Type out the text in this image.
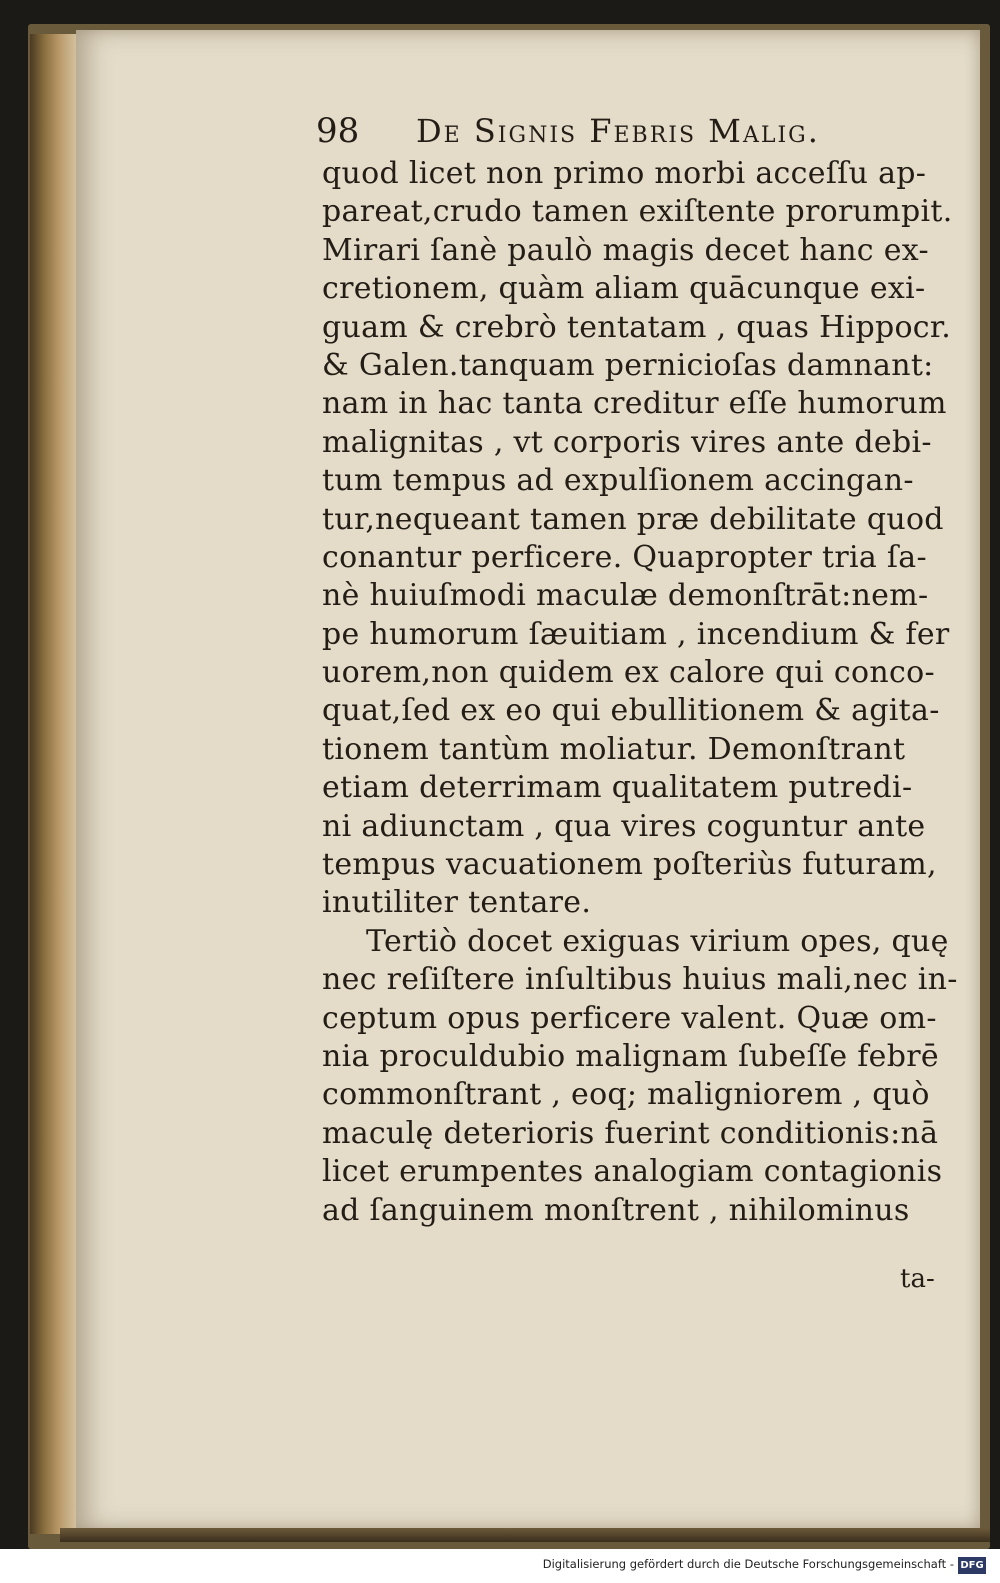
98 De Signis Febris Malig.
quod licet non primo morbi acceſſu ap-
pareat,crudo tamen exiſtente prorumpit.
Mirari ſanè paulò magis decet hanc ex-
cretionem, quàm aliam quācunque exi-
guam & crebrò tentatam , quas Hippocr.
& Galen.tanquam pernicioſas damnant:
nam in hac tanta creditur eſſe humorum
malignitas , vt corporis vires ante debi-
tum tempus ad expulſionem accingan-
tur,nequeant tamen præ debilitate quod
conantur perficere. Quapropter tria ſa-
nè huiuſmodi maculæ demonſtrāt:nem-
pe humorum ſæuitiam , incendium & fer
uorem,non quidem ex calore qui conco-
quat,ſed ex eo qui ebullitionem & agita-
tionem tantùm moliatur. Demonſtrant
etiam deterrimam qualitatem putredi-
ni adiunctam , qua vires coguntur ante
tempus vacuationem poſteriùs futuram,
inutiliter tentare.
Tertiò docet exiguas virium opes, quę
nec reſiſtere inſultibus huius mali,nec in-
ceptum opus perficere valent. Quæ om-
nia proculdubio malignam ſubeſſe febrē
commonſtrant , eoq; maligniorem , quò
maculę deterioris fuerint conditionis:nā
licet erumpentes analogiam contagionis
ad ſanguinem monſtrent , nihilominus
ta-
Digitalisierung gefördert durch die Deutsche Forschungsgemeinschaft - DFG
